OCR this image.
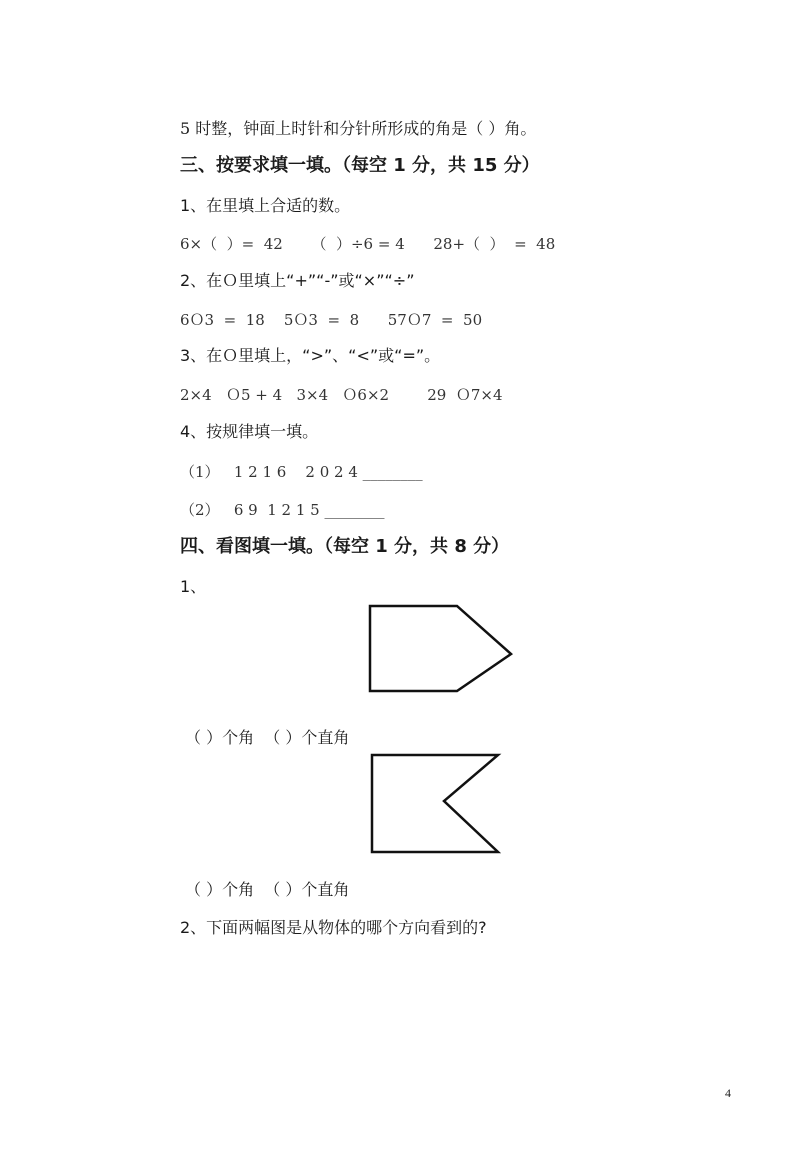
5 时整，钟面上时针和分针所形成的角是（ ）角。
三、按要求填一填。（每空 1 分，共 15 分）
1、在里填上合适的数。
6×（  ）=  42      （  ）÷6 = 4      28+（  ）  =  48
2、在Ｏ里填上“+”“-”或“×”“÷”
6Ｏ3  =  18    5Ｏ3  =  8      57Ｏ7  =  50
3、在Ｏ里填上，“>”、“<”或“=”。
2×4   Ｏ5 + 4   3×4   Ｏ6×2        29  Ｏ7×4
4、按规律填一填。
（1）   1 2 1 6    2 0 2 4 ________
（2）   6 9  1 2 1 5 ________
四、看图填一填。（每空 1 分，共 8 分）
1、
（ ）个角  （ ）个直角
（ ）个角  （ ）个直角
2、下面两幅图是从物体的哪个方向看到的?
4
